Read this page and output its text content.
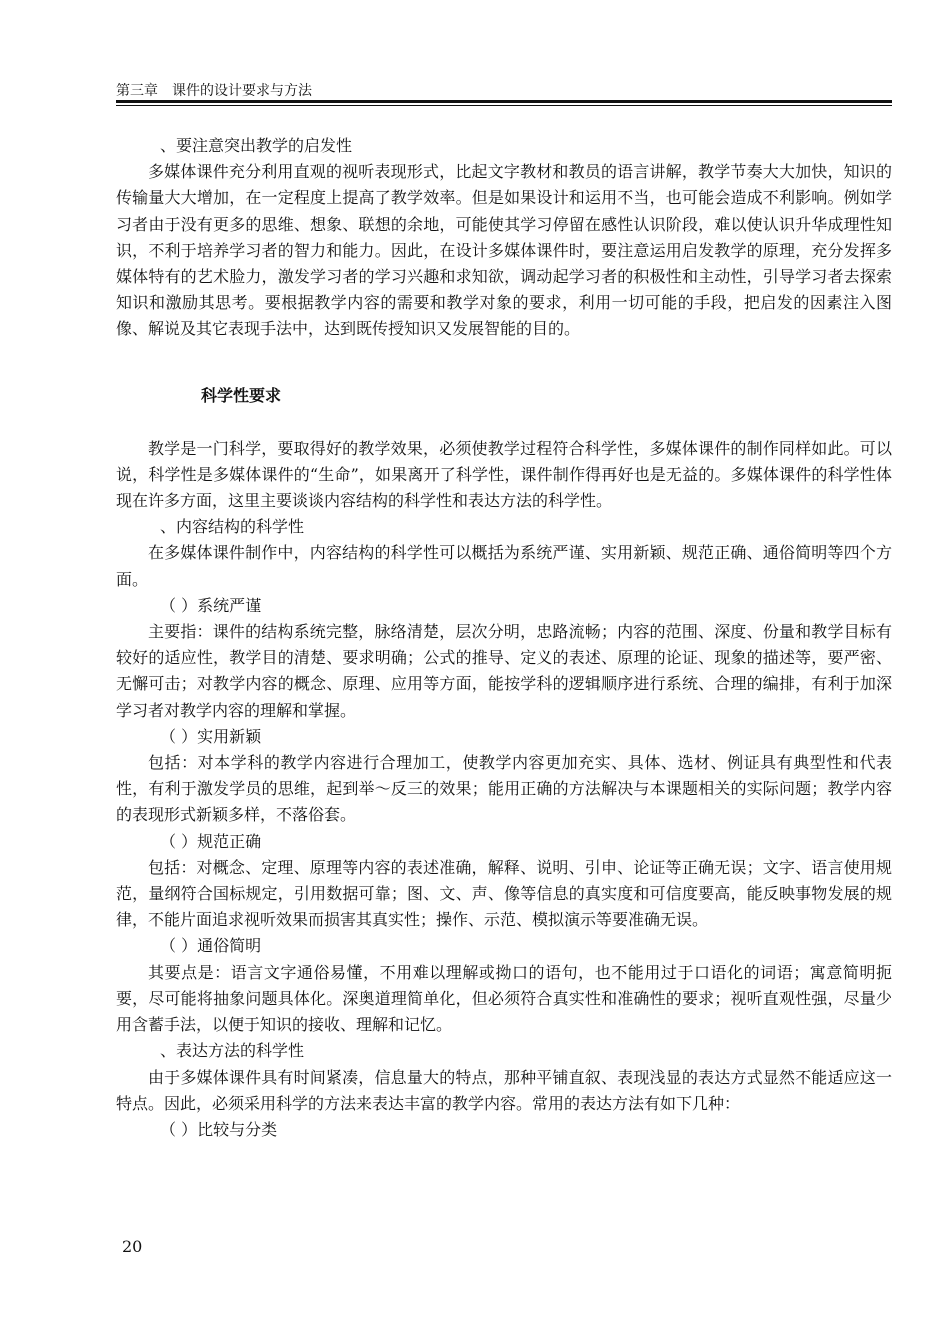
第三章　课件的设计要求与方法

、要注意突出教学的启发性

多媒体课件充分利用直观的视听表现形式，比起文字教材和教员的语言讲解，教学节奏大大加快，知识的传输量大大增加，在一定程度上提高了教学效率。但是如果设计和运用不当，也可能会造成不利影响。例如学习者由于没有更多的思维、想象、联想的余地，可能使其学习停留在感性认识阶段，难以使认识升华成理性知识，不利于培养学习者的智力和能力。因此，在设计多媒体课件时，要注意运用启发教学的原理，充分发挥多媒体特有的艺术脸力，激发学习者的学习兴趣和求知欲，调动起学习者的积极性和主动性，引导学习者去探索知识和激励其思考。要根据教学内容的需要和教学对象的要求，利用一切可能的手段，把启发的因素注入图像、解说及其它表现手法中，达到既传授知识又发展智能的目的。

科学性要求

教学是一门科学，要取得好的教学效果，必须使教学过程符合科学性，多媒体课件的制作同样如此。可以说，科学性是多媒体课件的“生命”，如果离开了科学性，课件制作得再好也是无益的。多媒体课件的科学性体现在许多方面，这里主要谈谈内容结构的科学性和表达方法的科学性。

、内容结构的科学性

在多媒体课件制作中，内容结构的科学性可以概括为系统严谨、实用新颖、规范正确、通俗简明等四个方面。

（ ）系统严谨

主要指：课件的结构系统完整，脉络清楚，层次分明，忠路流畅；内容的范围、深度、份量和教学目标有较好的适应性，教学目的清楚、要求明确；公式的推导、定义的表述、原理的论证、现象的描述等，要严密、无懈可击；对教学内容的概念、原理、应用等方面，能按学科的逻辑顺序进行系统、合理的编排，有利于加深学习者对教学内容的理解和掌握。

（ ）实用新颖

包括：对本学科的教学内容进行合理加工，使教学内容更加充实、具体、选材、例证具有典型性和代表性，有利于激发学员的思维，起到举～反三的效果；能用正确的方法解决与本课题相关的实际问题；教学内容的表现形式新颖多样，不落俗套。

（ ）规范正确

包括：对概念、定理、原理等内容的表述准确，解释、说明、引申、论证等正确无误；文字、语言使用规范，量纲符合国标规定，引用数据可靠；图、文、声、像等信息的真实度和可信度要高，能反映事物发展的规律，不能片面追求视听效果而损害其真实性；操作、示范、模拟演示等要准确无误。

（ ）通俗简明

其要点是：语言文字通俗易懂，不用难以理解或拗口的语句，也不能用过于口语化的词语；寓意简明扼要，尽可能将抽象问题具体化。深奥道理简单化，但必须符合真实性和准确性的要求；视听直观性强，尽量少用含蓄手法，以便于知识的接收、理解和记忆。

、表达方法的科学性

由于多媒体课件具有时间紧凑，信息量大的特点，那种平铺直叙、表现浅显的表达方式显然不能适应这一特点。因此，必须采用科学的方法来表达丰富的教学内容。常用的表达方法有如下几种：

（ ）比较与分类

20
